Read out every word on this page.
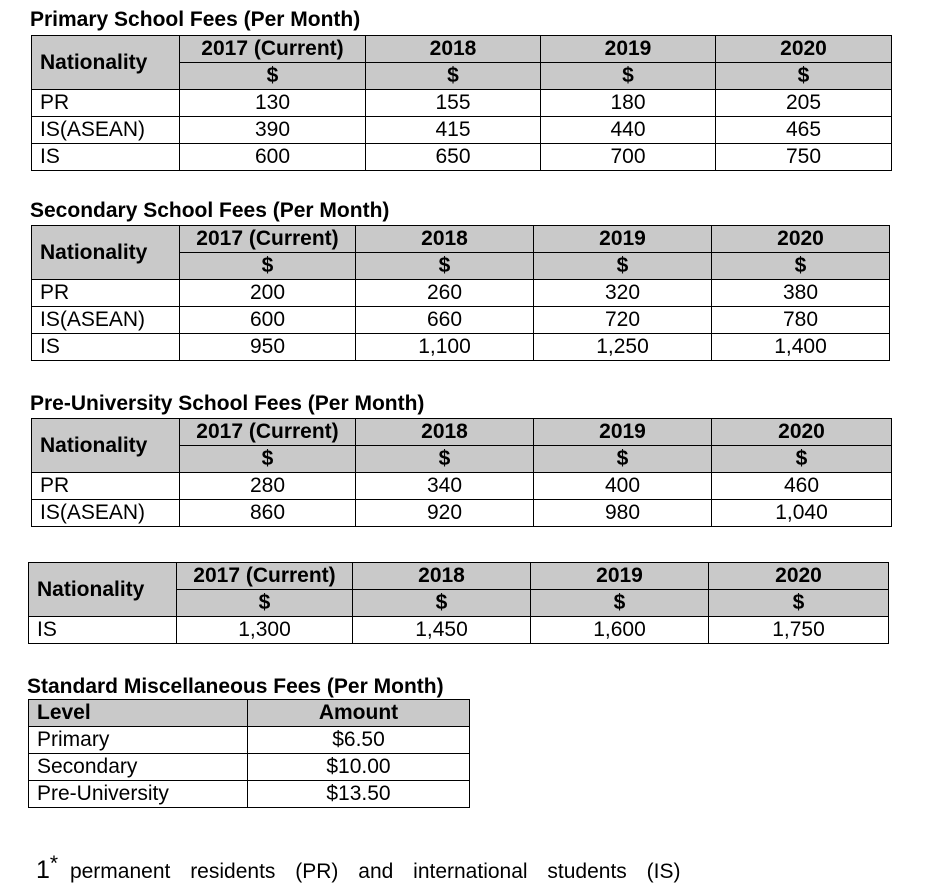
Primary School Fees (Per Month)
Nationality	2017 (Current)	2018	2019	2020
	$	$	$	$
PR	130	155	180	205
IS(ASEAN)	390	415	440	465
IS	600	650	700	750
Secondary School Fees (Per Month)
Nationality	2017 (Current)	2018	2019	2020
	$	$	$	$
PR	200	260	320	380
IS(ASEAN)	600	660	720	780
IS	950	1,100	1,250	1,400
Pre-University School Fees (Per Month)
Nationality	2017 (Current)	2018	2019	2020
	$	$	$	$
PR	280	340	400	460
IS(ASEAN)	860	920	980	1,040
Nationality	2017 (Current)	2018	2019	2020
	$	$	$	$
IS	1,300	1,450	1,600	1,750
Standard Miscellaneous Fees (Per Month)
Level	Amount
Primary	$6.50
Secondary	$10.00
Pre-University	$13.50
1* permanent residents (PR) and international students (IS)
